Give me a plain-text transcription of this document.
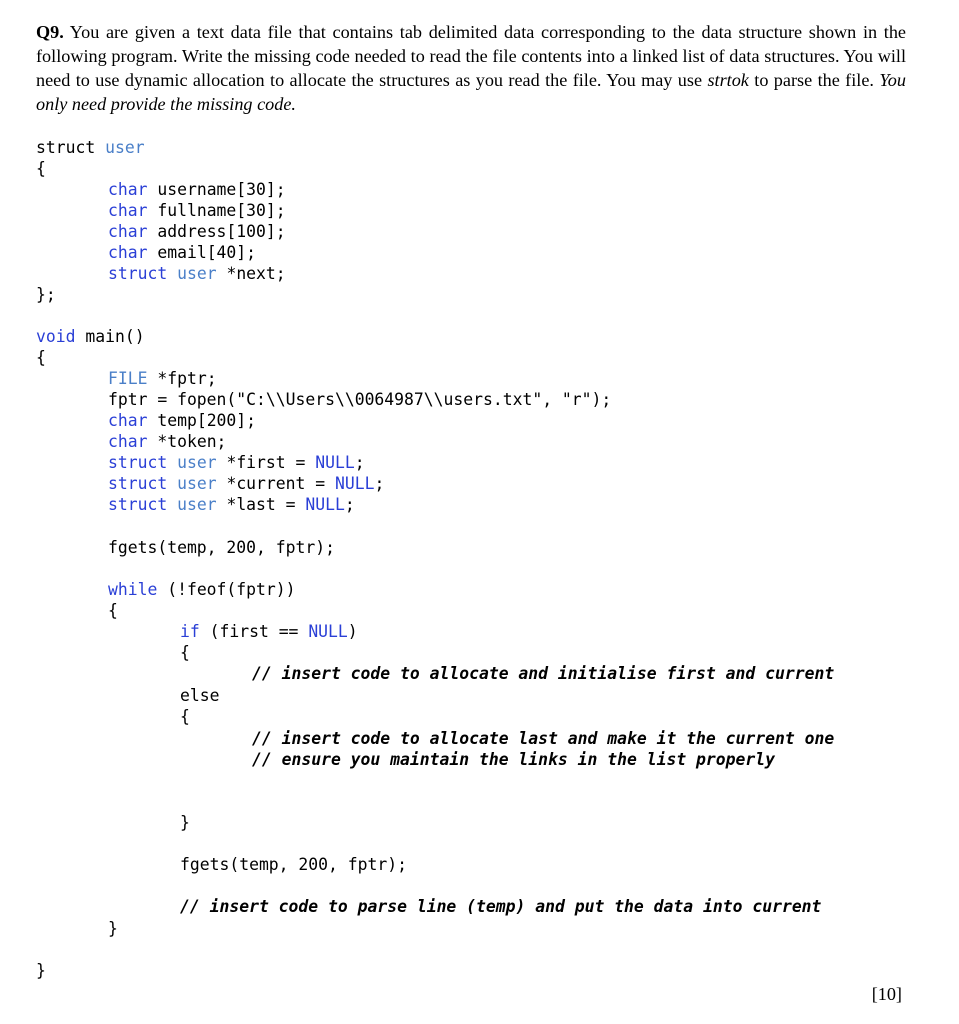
Q9. You are given a text data file that contains tab delimited data corresponding to the data structure shown in the following program. Write the missing code needed to read the file contents into a linked list of data structures. You will need to use dynamic allocation to allocate the structures as you read the file. You may use strtok to parse the file. You only need provide the missing code.

struct user
{
char username[30];
char fullname[30];
char address[100];
char email[40];
struct user *next;
};
void main()
{
FILE *fptr;
fptr = fopen("C:\\Users\\0064987\\users.txt", "r");
char temp[200];
char *token;
struct user *first = NULL;
struct user *current = NULL;
struct user *last = NULL;
fgets(temp, 200, fptr);
while (!feof(fptr))
{
if (first == NULL)
{
// insert code to allocate and initialise first and current
else
{
// insert code to allocate last and make it the current one
// ensure you maintain the links in the list properly
}
fgets(temp, 200, fptr);
// insert code to parse line (temp) and put the data into current
}
}
[10]
